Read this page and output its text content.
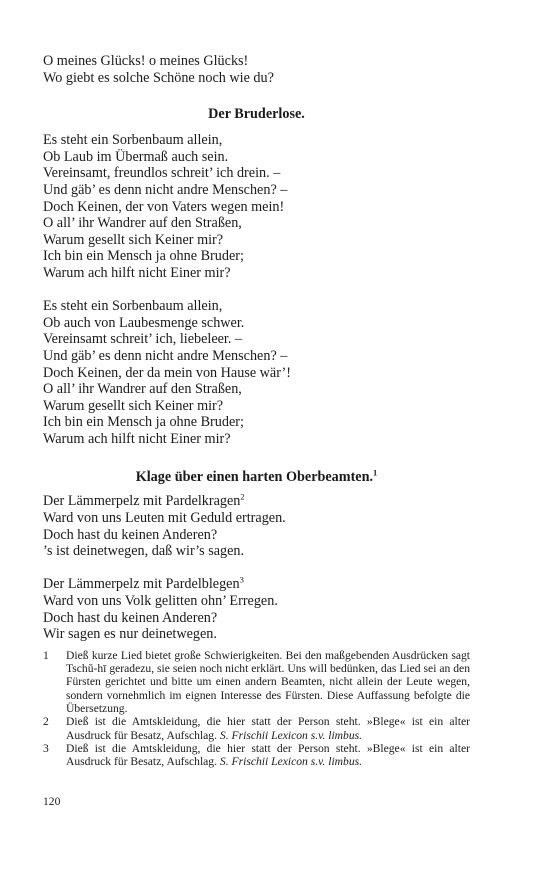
O meines Glücks! o meines Glücks!
Wo giebt es solche Schöne noch wie du?
Der Bruderlose.
Es steht ein Sorbenbaum allein,
Ob Laub im Übermaß auch sein.
Vereinsamt, freundlos schreit’ ich drein. –
Und gäb’ es denn nicht andre Menschen? –
Doch Keinen, der von Vaters wegen mein!
O all’ ihr Wandrer auf den Straßen,
Warum gesellt sich Keiner mir?
Ich bin ein Mensch ja ohne Bruder;
Warum ach hilft nicht Einer mir?
Es steht ein Sorbenbaum allein,
Ob auch von Laubesmenge schwer.
Vereinsamt schreit’ ich, liebeleer. –
Und gäb’ es denn nicht andre Menschen? –
Doch Keinen, der da mein von Hause wär’!
O all’ ihr Wandrer auf den Straßen,
Warum gesellt sich Keiner mir?
Ich bin ein Mensch ja ohne Bruder;
Warum ach hilft nicht Einer mir?
Klage über einen harten Oberbeamten.$^1$
Der Lämmerpelz mit Pardelkragen$^2$
Ward von uns Leuten mit Geduld ertragen.
Doch hast du keinen Anderen?
’s ist deinetwegen, daß wir’s sagen.
Der Lämmerpelz mit Pardelblegen$^3$
Ward von uns Volk gelitten ohn’ Erregen.
Doch hast du keinen Anderen?
Wir sagen es nur deinetwegen.

1	Dieß kurze Lied bietet große Schwierigkeiten. Bei den maßgebenden Ausdrücken sagt Tschŭ-hī geradezu, sie seien noch nicht erklärt. Uns will bedünken, das Lied sei an den Fürsten gerichtet und bitte um einen andern Beamten, nicht allein der Leute wegen, sondern vornehmlich im eignen Interesse des Fürsten. Diese Auffassung befolgte die Übersetzung.

2	Dieß ist die Amtskleidung, die hier statt der Person steht. »Blege« ist ein alter Ausdruck für Besatz, Aufschlag. S. Frischii Lexicon s.v. limbus.

3	Dieß ist die Amtskleidung, die hier statt der Person steht. »Blege« ist ein alter Ausdruck für Besatz, Aufschlag. S. Frischii Lexicon s.v. limbus.

120
